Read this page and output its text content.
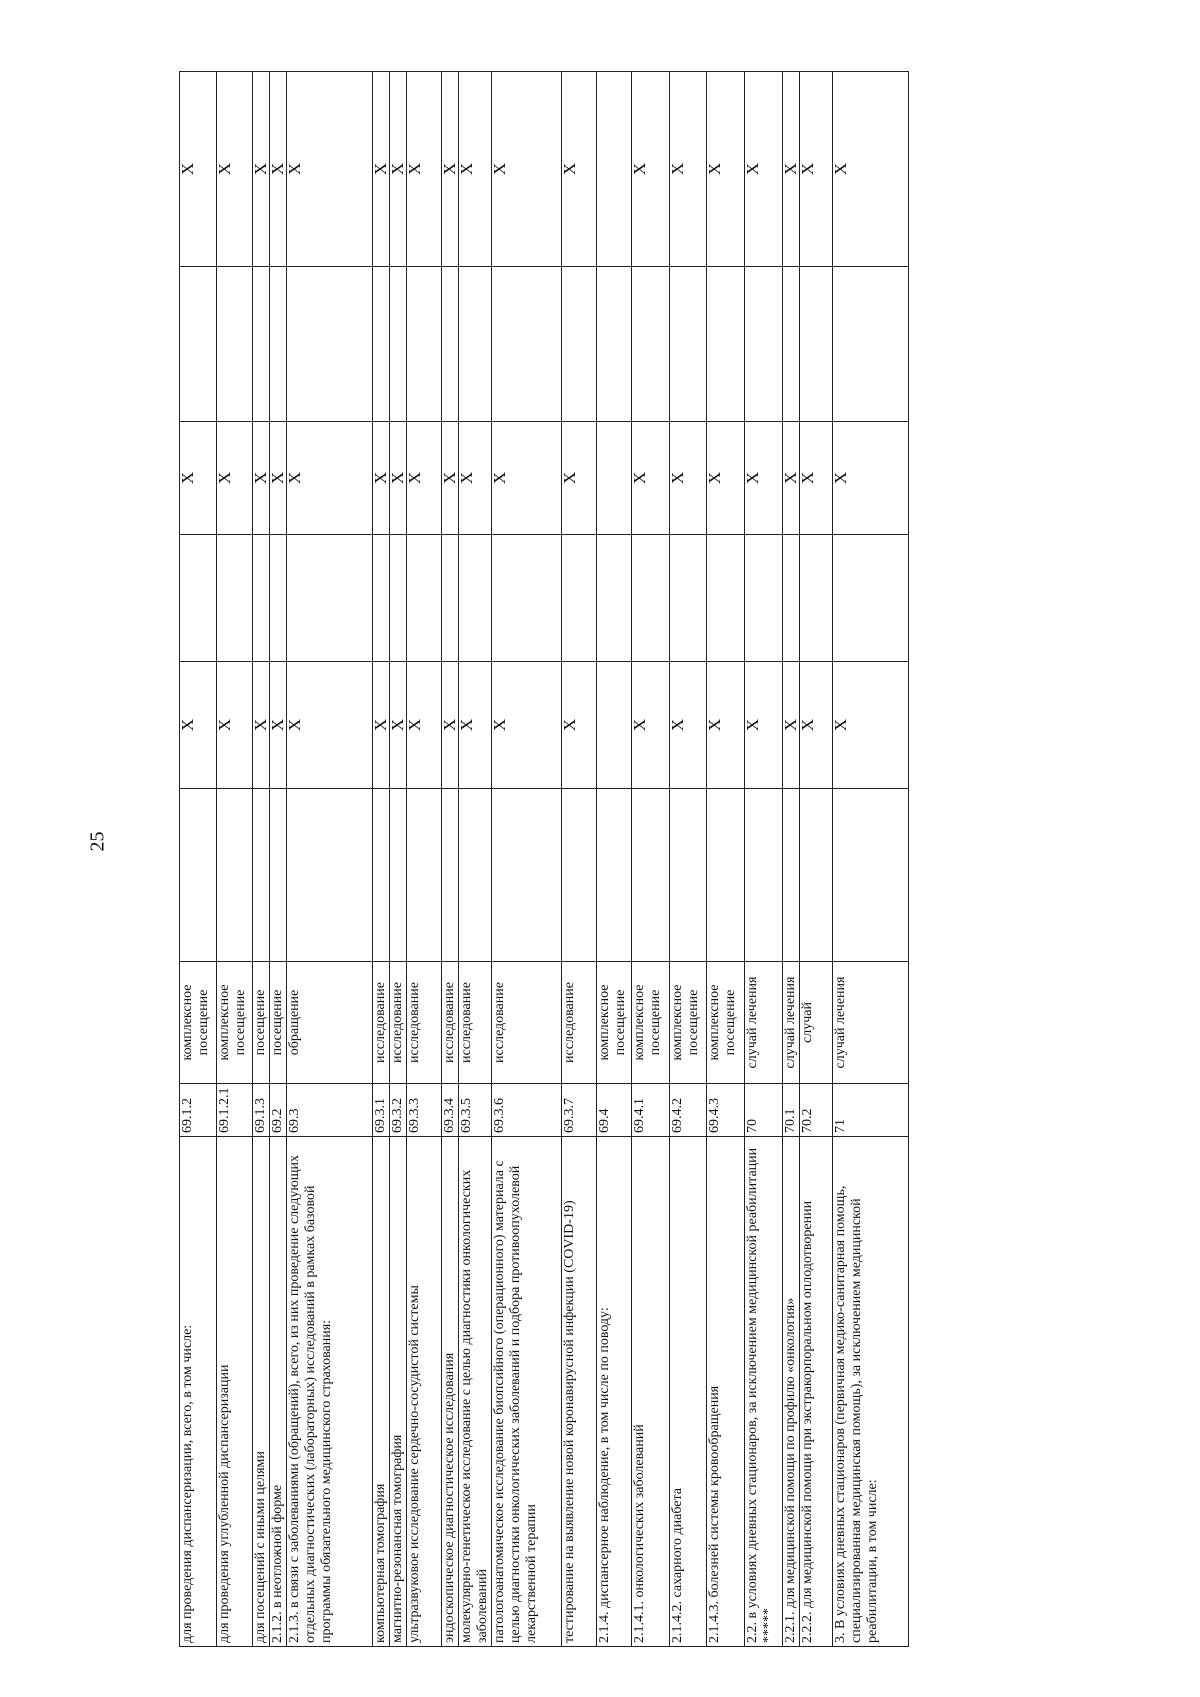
25
для проведения диспансеризации, всего, в том числе:	69.1.2	комплексное посещение		X		X		X
для проведения углубленной диспансеризации	69.1.2.1	комплексное посещение		X		X		X
для посещений с иными целями	69.1.3	посещение		X		X		X
2.1.2. в неотложной форме	69.2	посещение		X		X		X
2.1.3. в связи с заболеваниями (обращений), всего, из них проведение следующих отдельных диагностических (лабораторных) исследований в рамках базовой программы обязательного медицинского страхования:	69.3	обращение		X		X		X
компьютерная томография	69.3.1	исследование		X		X		X
магнитно-резонансная томография	69.3.2	исследование		X		X		X
ультразвуковое исследование сердечно-сосудистой системы	69.3.3	исследование		X		X		X
эндоскопическое диагностическое исследования	69.3.4	исследование		X		X		X
молекулярно-генетическое исследование с целью диагностики онкологических заболеваний	69.3.5	исследование		X		X		X
патологоанатомическое исследование биопсийного (операционного) материала с целью диагностики онкологических заболеваний и подбора противоопухолевой лекарственной терапии	69.3.6	исследование		X		X		X
тестирование на выявление новой коронавирусной инфекции (COVID-19)	69.3.7	исследование		X		X		X
2.1.4. диспансерное наблюдение, в том числе по поводу:	69.4	комплексное посещение						
2.1.4.1. онкологических заболеваний	69.4.1	комплексное посещение		X		X		X
2.1.4.2. сахарного диабета	69.4.2	комплексное посещение		X		X		X
2.1.4.3. болезней системы кровообращения	69.4.3	комплексное посещение		X		X		X
2.2. в условиях дневных стационаров, за исключением медицинской реабилитации *****	70	случай лечения		X		X		X
2.2.1. для медицинской помощи по профилю «онкология»	70.1	случай лечения		X		X		X
2.2.2. для медицинской помощи при экстракорпоральном оплодотворении	70.2	случай		X		X		X
3. В условиях дневных стационаров (первичная медико-санитарная помощь, специализированная медицинская помощь), за исключением медицинской реабилитации, в том числе:	71	случай лечения		X		X		X
